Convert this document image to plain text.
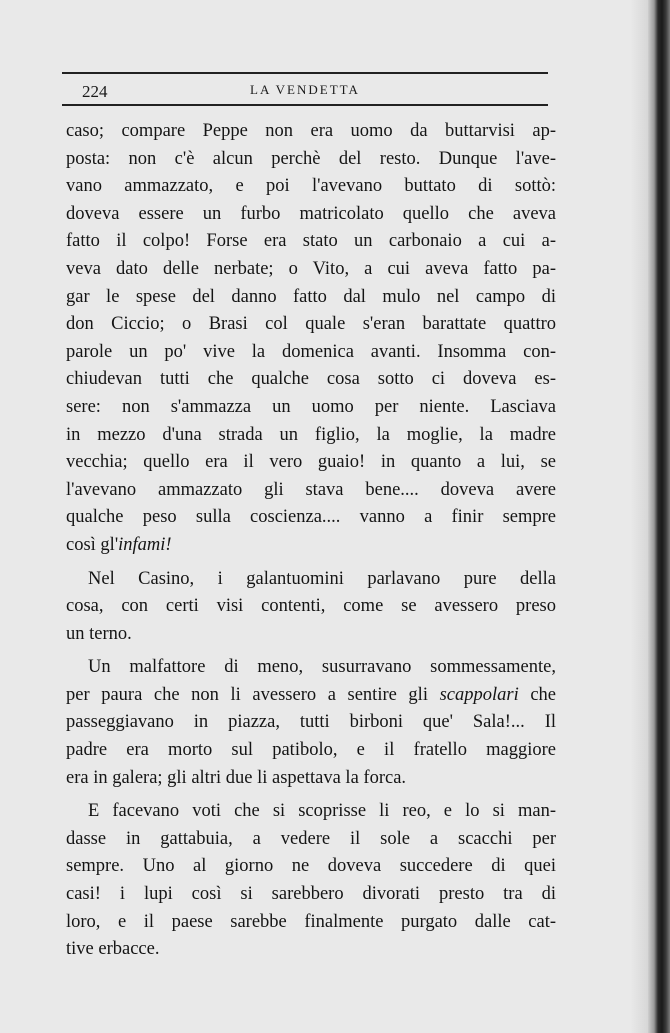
224	LA VENDETTA
caso; compare Peppe non era uomo da buttarvisi ap-
posta: non c'è alcun perchè del resto. Dunque l'ave-
vano ammazzato, e poi l'avevano buttato di sottò:
doveva essere un furbo matricolato quello che aveva
fatto il colpo! Forse era stato un carbonaio a cui a-
veva dato delle nerbate; o Vito, a cui aveva fatto pa-
gar le spese del danno fatto dal mulo nel campo di
don Ciccio; o Brasi col quale s'eran barattate quattro
parole un po' vive la domenica avanti. Insomma con-
chiudevan tutti che qualche cosa sotto ci doveva es-
sere: non s'ammazza un uomo per niente. Lasciava
in mezzo d'una strada un figlio, la moglie, la madre
vecchia; quello era il vero guaio! in quanto a lui, se
l'avevano ammazzato gli stava bene.... doveva avere
qualche peso sulla coscienza.... vanno a finir sempre
così gl'infami!
Nel Casino, i galantuomini parlavano pure della
cosa, con certi visi contenti, come se avessero preso
un terno.
Un malfattore di meno, susurravano sommessamente,
per paura che non li avessero a sentire gli scappolari che
passeggiavano in piazza, tutti birboni que' Sala!... Il
padre era morto sul patibolo, e il fratello maggiore
era in galera; gli altri due li aspettava la forca.
E facevano voti che si scoprisse li reo, e lo si man-
dasse in gattabuia, a vedere il sole a scacchi per
sempre. Uno al giorno ne doveva succedere di quei
casi! i lupi così si sarebbero divorati presto tra di
loro, e il paese sarebbe finalmente purgato dalle cat-
tive erbacce.
